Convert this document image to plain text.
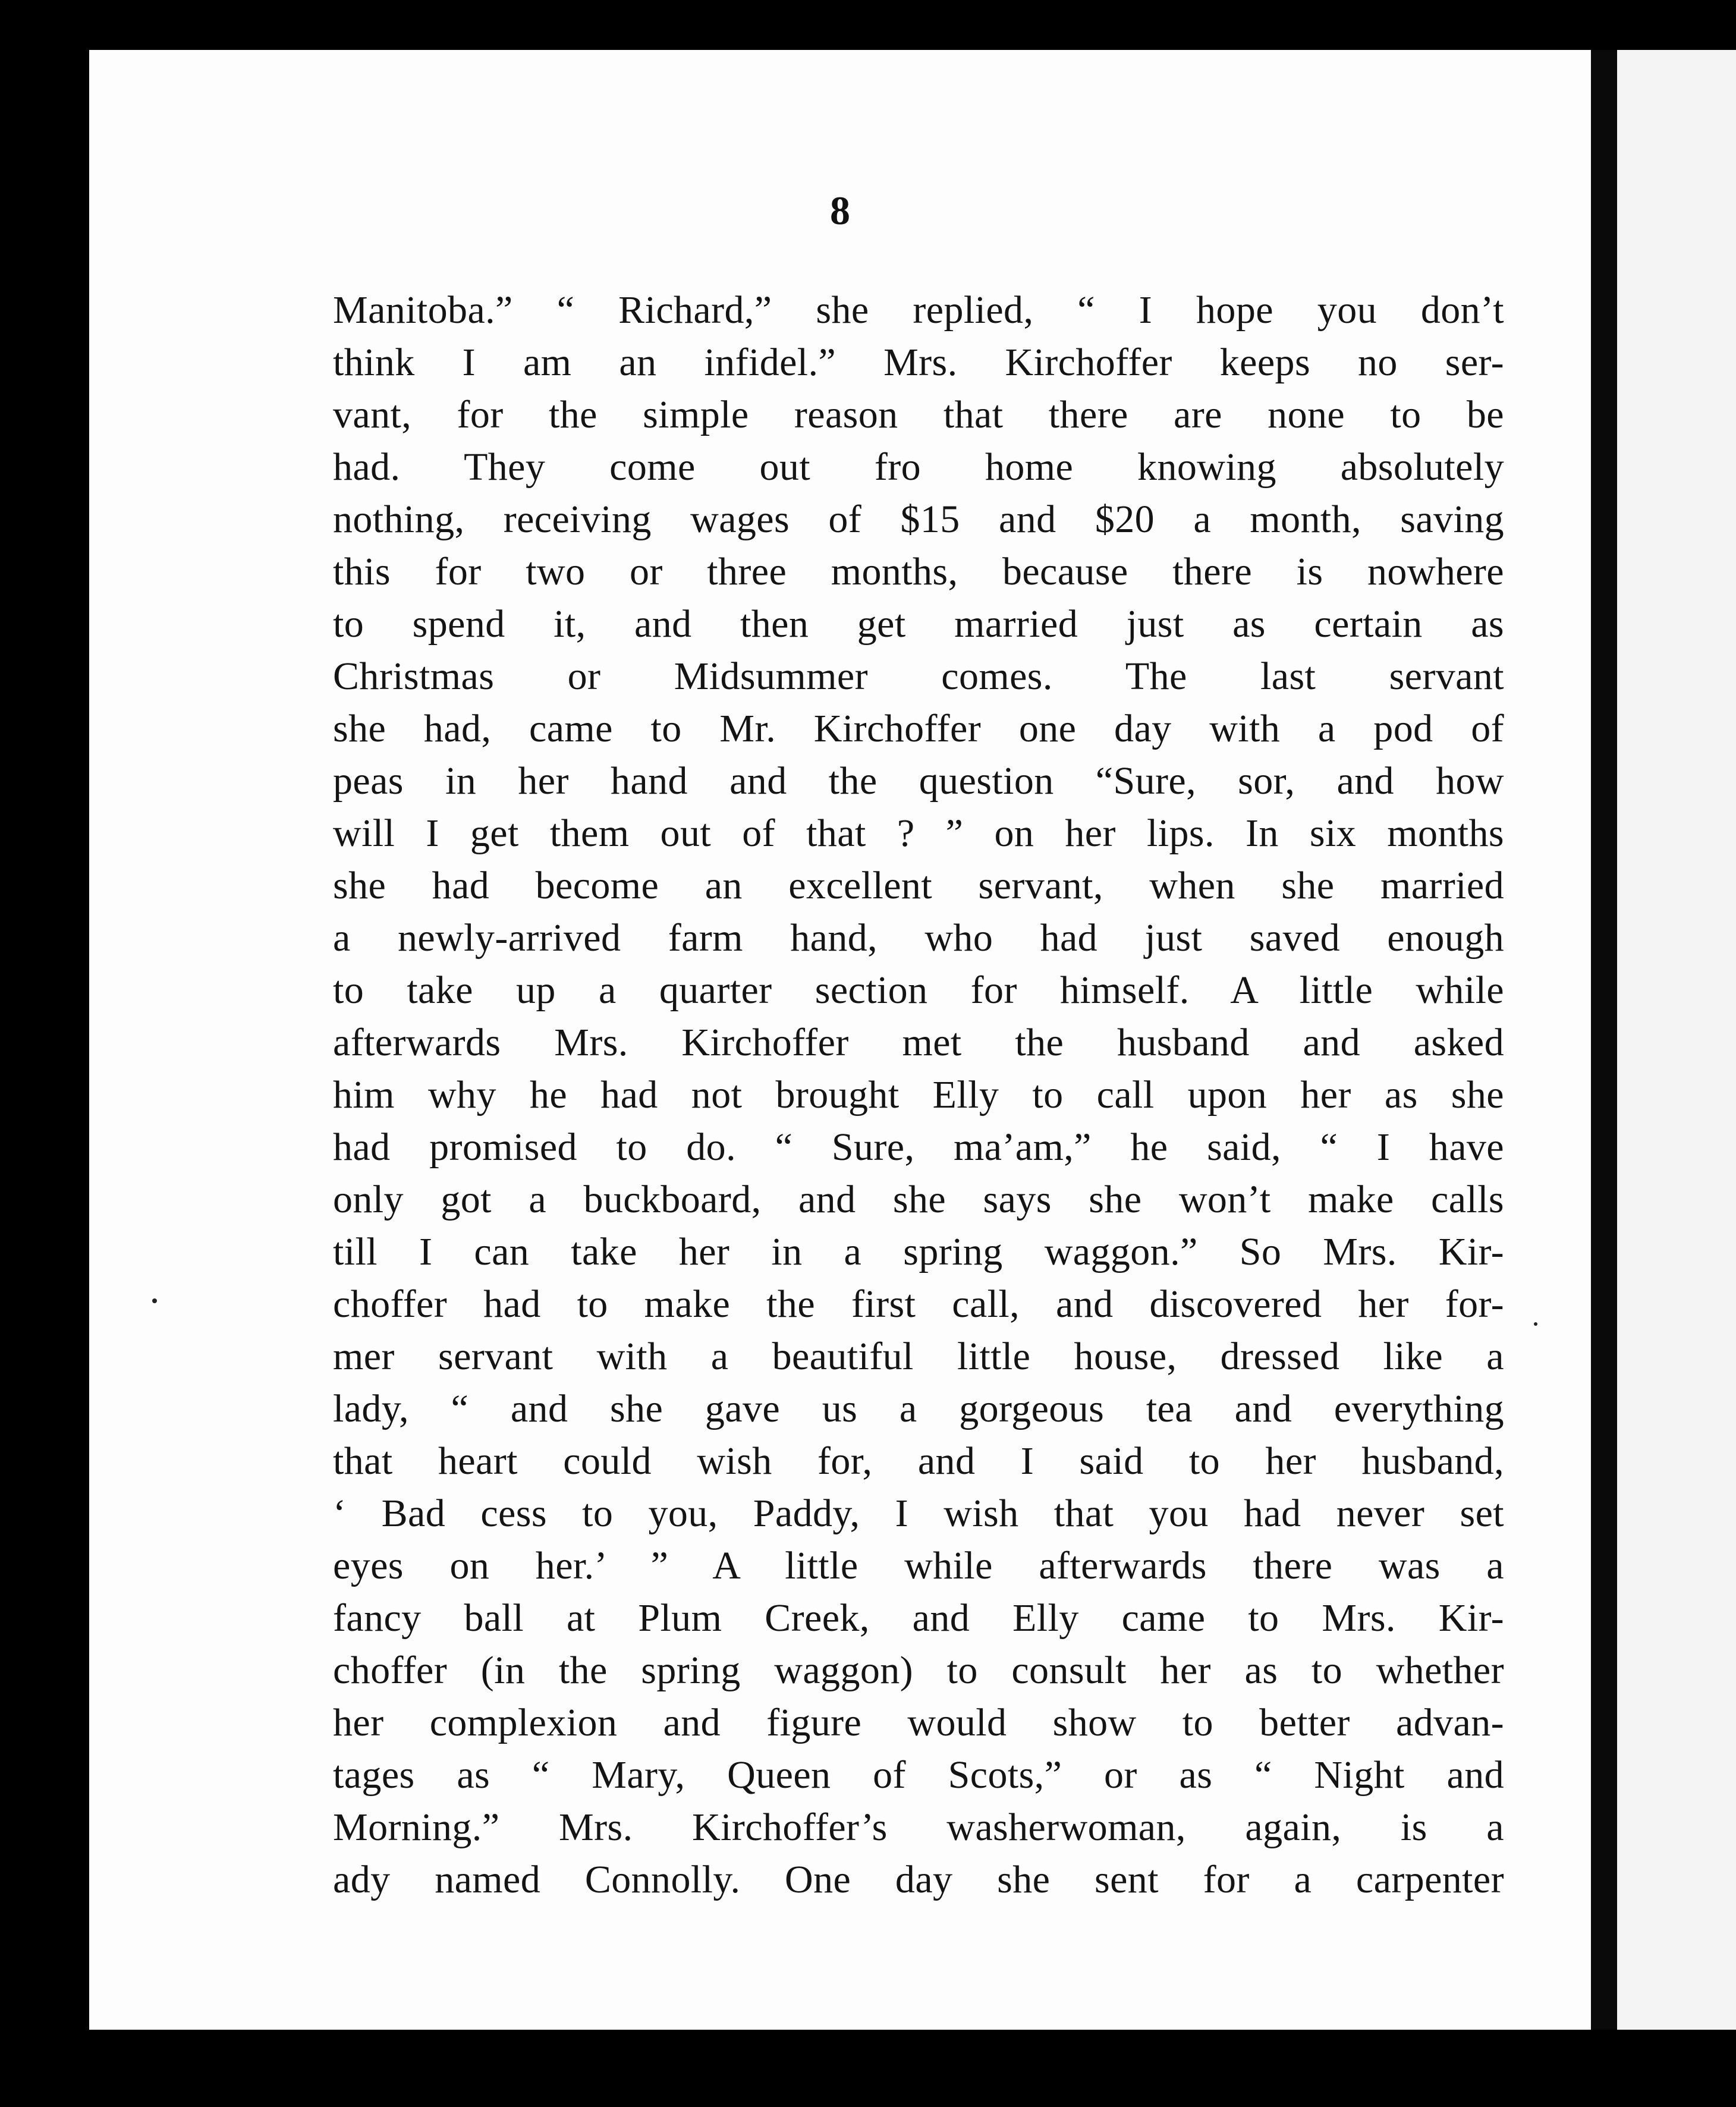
8
Manitoba.” “ Richard,” she replied, “ I hope you don’t
think I am an infidel.” Mrs. Kirchoffer keeps no ser-
vant, for the simple reason that there are none to be
had. They come out fro home knowing absolutely
nothing, receiving wages of $15 and $20 a month, saving
this for two or three months, because there is nowhere
to spend it, and then get married just as certain as
Christmas or Midsummer comes. The last servant
she had, came to Mr. Kirchoffer one day with a pod of
peas in her hand and the question “Sure, sor, and how
will I get them out of that ? ” on her lips. In six months
she had become an excellent servant, when she married
a newly-arrived farm hand, who had just saved enough
to take up a quarter section for himself. A little while
afterwards Mrs. Kirchoffer met the husband and asked
him why he had not brought Elly to call upon her as she
had promised to do. “ Sure, ma’am,” he said, “ I have
only got a buckboard, and she says she won’t make calls
till I can take her in a spring waggon.” So Mrs. Kir-
choffer had to make the first call, and discovered her for-
mer servant with a beautiful little house, dressed like a
lady, “ and she gave us a gorgeous tea and everything
that heart could wish for, and I said to her husband,
‘ Bad cess to you, Paddy, I wish that you had never set
eyes on her.’ ” A little while afterwards there was a
fancy ball at Plum Creek, and Elly came to Mrs. Kir-
choffer (in the spring waggon) to consult her as to whether
her complexion and figure would show to better advan-
tages as “ Mary, Queen of Scots,” or as “ Night and
Morning.” Mrs. Kirchoffer’s washerwoman, again, is a
ady named Connolly. One day she sent for a carpenter
